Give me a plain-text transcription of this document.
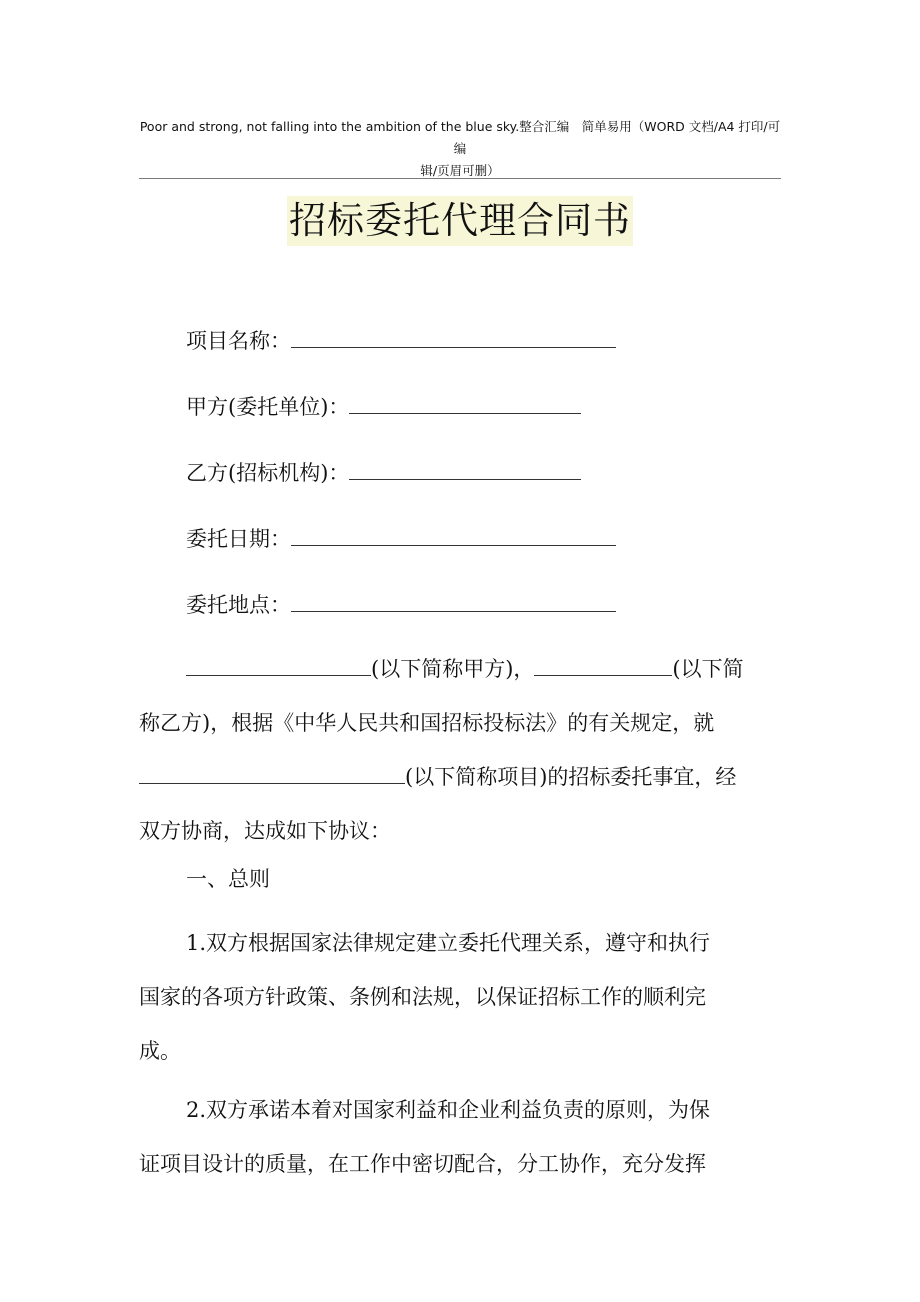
Poor and strong, not falling into the ambition of the blue sky.整合汇编　简单易用（WORD 文档/A4 打印/可编
辑/页眉可删）
招标委托代理合同书
项目名称：
甲方(委托单位)：
乙方(招标机构)：
委托日期：
委托地点：
(以下简称甲方)，	(以下简
称乙方)，根据《中华人民共和国招标投标法》的有关规定，就
(以下简称项目)的招标委托事宜，经
双方协商，达成如下协议：
一、总则
1.双方根据国家法律规定建立委托代理关系，遵守和执行
国家的各项方针政策、条例和法规，以保证招标工作的顺利完
成。
2.双方承诺本着对国家利益和企业利益负责的原则，为保
证项目设计的质量，在工作中密切配合，分工协作，充分发挥
